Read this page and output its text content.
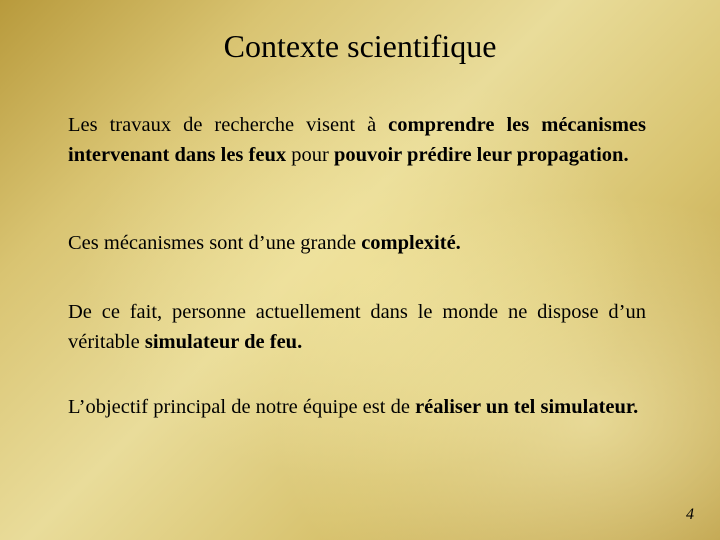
Contexte scientifique
Les travaux de recherche visent à comprendre les mécanismes intervenant dans les feux pour pouvoir prédire leur propagation.
Ces mécanismes sont d’une grande complexité.
De ce fait, personne actuellement dans le monde ne dispose d’un véritable simulateur de feu.
L’objectif principal de notre équipe est de réaliser un tel simulateur.
4
